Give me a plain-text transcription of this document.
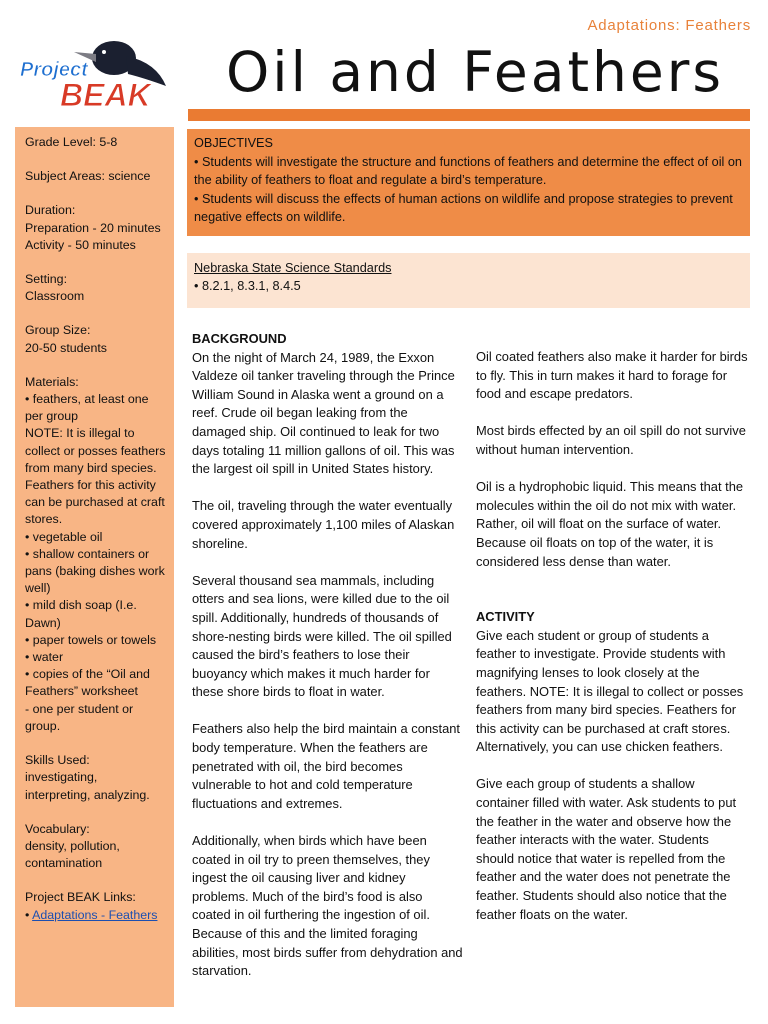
Adaptations: Feathers
Project
BEAK Oil and Feathers

Grade Level: 5-8

Subject Areas: science

Duration:
Preparation - 20 minutes
Activity - 50 minutes

Setting:
Classroom

Group Size:
20-50 students

Materials:
• feathers, at least one per group
NOTE: It is illegal to collect or posses feathers from many bird species. Feathers for this activity can be purchased at craft stores.
• vegetable oil
• shallow containers or pans (baking dishes work well)
• mild dish soap (I.e. Dawn)
• paper towels or towels
• water
• copies of the “Oil and Feathers” worksheet
- one per student or group.

Skills Used:
investigating, interpreting, analyzing.

Vocabulary:
density, pollution, contamination

Project BEAK Links:
• Adaptations - Feathers

OBJECTIVES
• Students will investigate the structure and functions of feathers and determine the effect of oil on the ability of feathers to float and regulate a bird’s temperature.
• Students will discuss the effects of human actions on wildlife and propose strategies to prevent negative effects on wildlife.
Nebraska State Science Standards
• 8.2.1, 8.3.1, 8.4.5
BACKGROUND

On the night of March 24, 1989, the Exxon Valdeze oil tanker traveling through the Prince William Sound in Alaska went a ground on a reef. Crude oil began leaking from the damaged ship. Oil continued to leak for two days totaling 11 million gallons of oil. This was the largest oil spill in United States history.

The oil, traveling through the water eventually covered approximately 1,100 miles of Alaskan shoreline.

Several thousand sea mammals, including otters and sea lions, were killed due to the oil spill. Additionally, hundreds of thousands of shore-nesting birds were killed. The oil spilled caused the bird’s feathers to lose their buoyancy which makes it much harder for these shore birds to float in water.

Feathers also help the bird maintain a constant body temperature. When the feathers are penetrated with oil, the bird becomes vulnerable to hot and cold temperature fluctuations and extremes.

Additionally, when birds which have been coated in oil try to preen themselves, they ingest the oil causing liver and kidney problems. Much of the bird’s food is also coated in oil furthering the ingestion of oil. Because of this and the limited foraging abilities, most birds suffer from dehydration and starvation.

Oil coated feathers also make it harder for birds to fly. This in turn makes it hard to forage for food and escape predators.

Most birds effected by an oil spill do not survive without human intervention.

Oil is a hydrophobic liquid. This means that the molecules within the oil do not mix with water. Rather, oil will float on the surface of water. Because oil floats on top of the water, it is considered less dense than water.

ACTIVITY

Give each student or group of students a feather to investigate. Provide students with magnifying lenses to look closely at the feathers. NOTE: It is illegal to collect or posses feathers from many bird species. Feathers for this activity can be purchased at craft stores. Alternatively, you can use chicken feathers.

Give each group of students a shallow container filled with water. Ask students to put the feather in the water and observe how the feather interacts with the water. Students should notice that water is repelled from the feather and the water does not penetrate the feather. Students should also notice that the feather floats on the water.
